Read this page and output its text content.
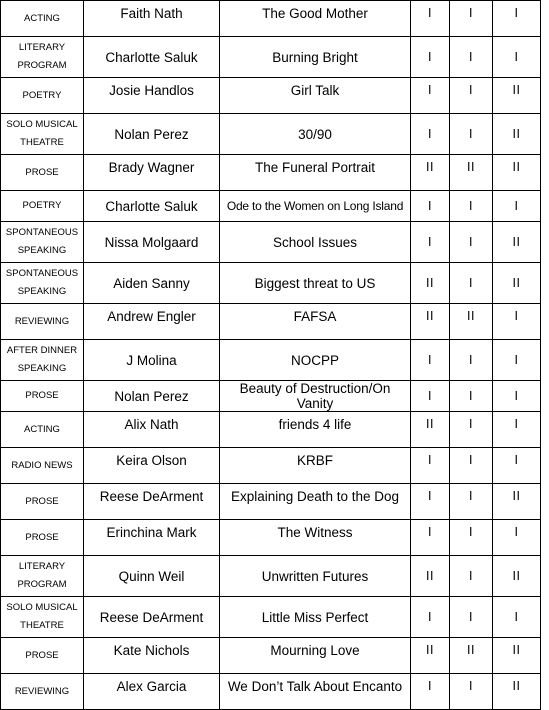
ACTING	Faith Nath	The Good Mother	I	I	I
LITERARY PROGRAM	Charlotte Saluk	Burning Bright	I	I	I
POETRY	Josie Handlos	Girl Talk	I	I	II
SOLO MUSICAL THEATRE	Nolan Perez	30/90	I	I	II
PROSE	Brady Wagner	The Funeral Portrait	II	II	II
POETRY	Charlotte Saluk	Ode to the Women on Long Island	I	I	I
SPONTANEOUS SPEAKING	Nissa Molgaard	School Issues	I	I	II
SPONTANEOUS SPEAKING	Aiden Sanny	Biggest threat to US	II	I	II
REVIEWING	Andrew Engler	FAFSA	II	II	I
AFTER DINNER SPEAKING	J Molina	NOCPP	I	I	I
PROSE	Nolan Perez	Beauty of Destruction/On Vanity	I	I	I
ACTING	Alix Nath	friends 4 life	II	I	I
RADIO NEWS	Keira Olson	KRBF	I	I	I
PROSE	Reese DeArment	Explaining Death to the Dog	I	I	II
PROSE	Erinchina Mark	The Witness	I	I	I
LITERARY PROGRAM	Quinn Weil	Unwritten Futures	II	I	II
SOLO MUSICAL THEATRE	Reese DeArment	Little Miss Perfect	I	I	I
PROSE	Kate Nichols	Mourning Love	II	II	II
REVIEWING	Alex Garcia	We Don’t Talk About Encanto	I	I	II
